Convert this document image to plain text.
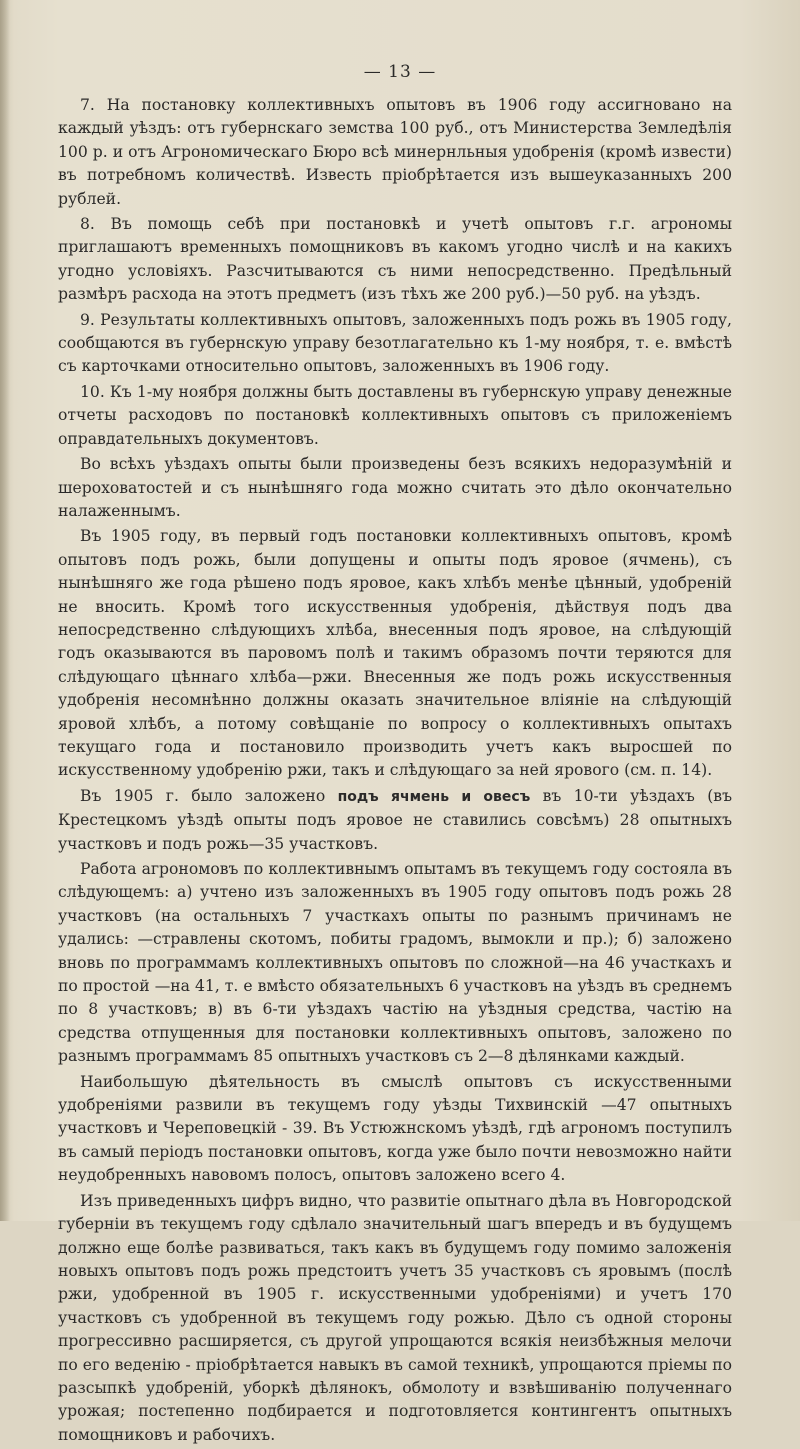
— 13 —

7. На постановку коллективныхъ опытовъ въ 1906 году ассигновано на каждый уѣздъ: отъ губернскаго земства 100 руб., отъ Министерства Земледѣлія 100 р. и отъ Агрономическаго Бюро всѣ минернльныя удобренія (кромѣ извести) въ потребномъ количествѣ. Известь пріобрѣтается изъ вышеуказанныхъ 200 рублей.

8. Въ помощь себѣ при постановкѣ и учетѣ опытовъ г.г. агрономы приглашаютъ временныхъ помощниковъ въ какомъ угодно числѣ и на какихъ угодно условіяхъ. Разсчитываются съ ними непосредственно. Предѣльный размѣръ расхода на этотъ предметъ (изъ тѣхъ же 200 руб.)—50 руб. на уѣздъ.

9. Результаты коллективныхъ опытовъ, заложенныхъ подъ рожь въ 1905 году, сообщаются въ губернскую управу безотлагательно къ 1-му ноября, т. е. вмѣстѣ съ карточками относительно опытовъ, заложенныхъ въ 1906 году.

10. Къ 1-му ноября должны быть доставлены въ губернскую управу денежные отчеты расходовъ по постановкѣ коллективныхъ опытовъ съ приложеніемъ оправдательныхъ документовъ.

Во всѣхъ уѣздахъ опыты были произведены безъ всякихъ недоразумѣній и шероховатостей и съ нынѣшняго года можно считать это дѣло окончательно налаженнымъ.

Въ 1905 году, въ первый годъ постановки коллективныхъ опытовъ, кромѣ опытовъ подъ рожь, были допущены и опыты подъ яровое (ячмень), съ нынѣшняго же года рѣшено подъ яровое, какъ хлѣбъ менѣе цѣнный, удобреній не вносить. Кромѣ того искусственныя удобренія, дѣйствуя подъ два непосредственно слѣдующихъ хлѣба, внесенныя подъ яровое, на слѣдующій годъ оказываются въ паровомъ полѣ и такимъ образомъ почти теряются для слѣдующаго цѣннаго хлѣба—ржи. Внесенныя же подъ рожь искусственныя удобренія несомнѣнно должны оказать значительное вліяніе на слѣдующій яровой хлѣбъ, а потому совѣщаніе по вопросу о коллективныхъ опытахъ текущаго года и постановило производить учетъ какъ выросшей по искусственному удобренію ржи, такъ и слѣдующаго за ней ярового (см. п. 14).

Въ 1905 г. было заложено подъ ячмень и овесъ въ 10-ти уѣздахъ (въ Крестецкомъ уѣздѣ опыты подъ яровое не ставились совсѣмъ) 28 опытныхъ участковъ и подъ рожь—35 участковъ.

Работа агрономовъ по коллективнымъ опытамъ въ текущемъ году состояла въ слѣдующемъ: а) учтено изъ заложенныхъ въ 1905 году опытовъ подъ рожь 28 участковъ (на остальныхъ 7 участкахъ опыты по разнымъ причинамъ не удались: —стравлены скотомъ, побиты градомъ, вымокли и пр.); б) заложено вновь по программамъ коллективныхъ опытовъ по сложной—на 46 участкахъ и по простой —на 41, т. е вмѣсто обязательныхъ 6 участковъ на уѣздъ въ среднемъ по 8 участковъ; в) въ 6-ти уѣздахъ частію на уѣздныя средства, частію на средства отпущенныя для постановки коллективныхъ опытовъ, заложено по разнымъ программамъ 85 опытныхъ участковъ съ 2—8 дѣлянками каждый.

Наибольшую дѣятельность въ смыслѣ опытовъ съ искусственными удобреніями развили въ текущемъ году уѣзды Тихвинскій —47 опытныхъ участковъ и Череповецкій - 39. Въ Устюжнскомъ уѣздѣ, гдѣ агрономъ поступилъ въ самый періодъ постановки опытовъ, когда уже было почти невозможно найти неудобренныхъ навовомъ полосъ, опытовъ заложено всего 4.

Изъ приведенныхъ цифръ видно, что развитіе опытнаго дѣла въ Новгородской губерніи въ текущемъ году сдѣлало значительный шагъ впередъ и въ будущемъ должно еще болѣе развиваться, такъ какъ въ будущемъ году помимо заложенія новыхъ опытовъ подъ рожь предстоитъ учетъ 35 участковъ съ яровымъ (послѣ ржи, удобренной въ 1905 г. искусственными удобреніями) и учетъ 170 участковъ съ удобренной въ текущемъ году рожью. Дѣло съ одной стороны прогрессивно расширяется, съ другой упрощаются всякія неизбѣжныя мелочи по его веденію - пріобрѣтается навыкъ въ самой техникѣ, упрощаются пріемы по разсыпкѣ удобреній, уборкѣ дѣлянокъ, обмолоту и взвѣшиванію полученнаго урожая; постепенно подбирается и подготовляется контингентъ опытныхъ помощниковъ и рабочихъ.
